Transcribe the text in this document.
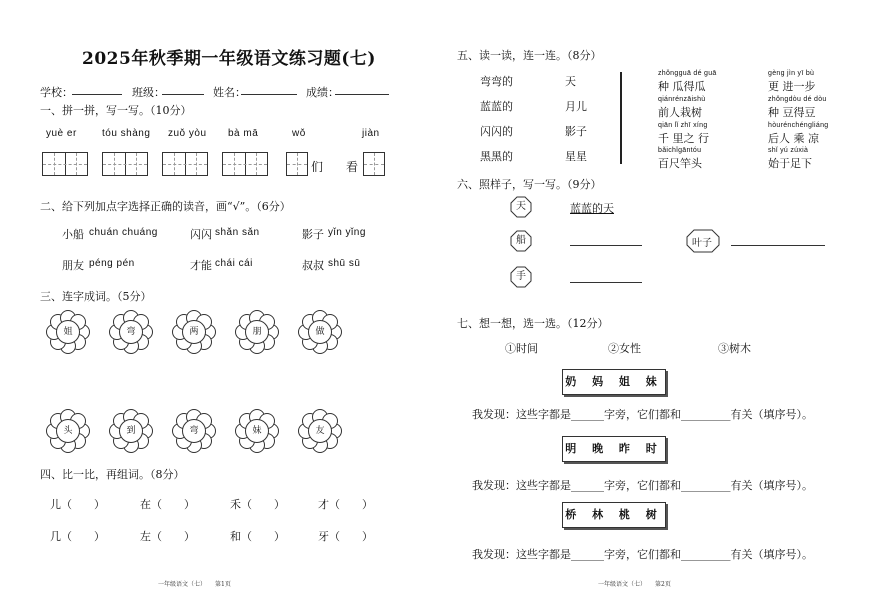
2025年秋季期一年级语文练习题(七)
学校：	班级：	姓名：	成绩：
一、拼一拼，写一写。（10分）
yuè er	tóu shàng zuǒ yòu bà mā	wǒ	jiàn
们 看
二、给下列加点字选择正确的读音，画“√”。（6分）
小船 chuán chuáng	闪闪 shǎn sǎn	影子 yǐn yǐng
朋友 péng pén	才能 chái cái	叔叔 shū sū
三、连字成词。（5分）
四、比一比，再组词。（8分）
儿（　　）	在（　　）	禾（　　）	才（　　）
几（　　）	左（　　）	和（　　）	牙（　　）
一年级语文（七）　　第1页
五、读一读，连一连。（8分）
弯弯的
蓝蓝的
闪闪的
黑黑的
天
月儿
影子
星星
六、照样子，写一写。（9分）
天	蓝蓝的天
船	叶子
手
七、想一想，选一选。（12分）
①时间	②女性	③树木
奶 妈 姐 妹
我发现：这些字都是______字旁，它们都和_________有关（填序号）。
明 晚 昨 时
我发现：这些字都是______字旁，它们都和_________有关（填序号）。
桥 林 桃 树
我发现：这些字都是______字旁，它们都和_________有关（填序号）。
一年级语文（七）　　第2页
姐	弯	两	朋	做
头	到	弯	妹	友
zhǒngguā dé guā
种 瓜得瓜
gèng jìn yī bù
更 进一步
qiánrénzāishù
前人栽树
zhǒngdòu dé dòu
种 豆得豆
qiān lǐ zhī xíng
千 里之 行
hòurénchéngliáng
后人 乘 凉
bǎichǐgāntóu
百尺竿头
shǐ yú zúxià
始于足下
